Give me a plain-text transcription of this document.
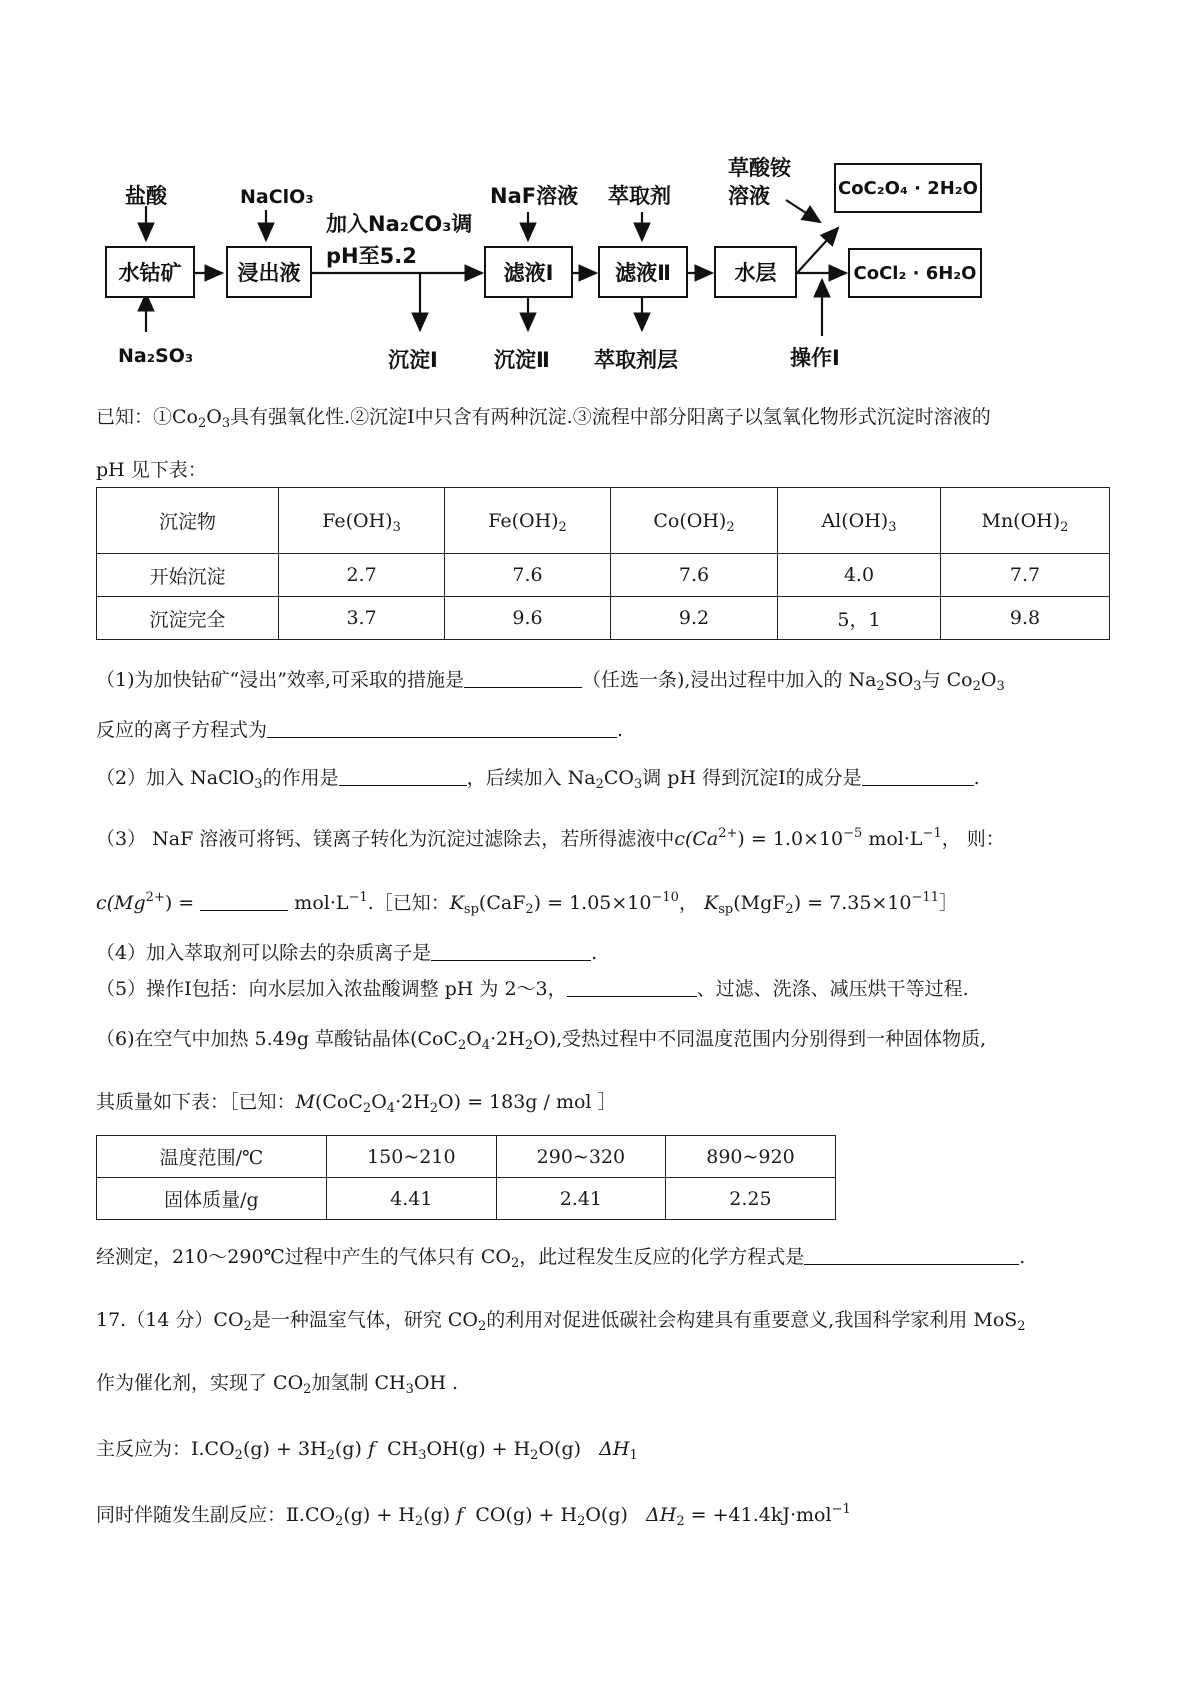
盐酸	NaClO₃
Na₂SO₃
加入Na₂CO₃调
pH至5.2
NaF溶液 萃取剂
草酸铵
溶液
水钴矿	浸出液	滤液Ⅰ	滤液Ⅱ	水层
CoC₂O₄ · 2H₂O
CoCl₂ · 6H₂O
沉淀Ⅰ	沉淀Ⅱ 萃取剂层	操作Ⅰ
已知：$①Co_2O_3$具有强氧化性.②沉淀Ⅰ中只含有两种沉淀.③流程中部分阳离子以氢氧化物形式沉淀时溶液的
pH 见下表：
沉淀物	$Fe(OH)_3$	$Fe(OH)_2$	$Co(OH)_2$	$Al(OH)_3$	$Mn(OH)_2$
开始沉淀	2.7	7.6	7.6	4.0	7.7
沉淀完全	3.7	9.6	9.2	5，1	9.8
（1)为加快钴矿“浸出”效率,可采取的措施是	（任选一条),浸出过程中加入的 $Na_2SO_3$与 $Co_2O_3$
反应的离子方程式为	.
（2）加入 NaClO$_3$的作用是	，后续加入 $Na_2CO_3$调 pH 得到沉淀Ⅰ的成分是	.
（3） NaF 溶液可将钙、镁离子转化为沉淀过滤除去，若所得滤液中$c(Ca^{2+}) = 1.0\times 10^{-5}$ $mol\cdot L^{-1}$， 则：
$c(Mg^{2+})$ =	$mol\cdot L^{-1}.[$已知：$K_{sp}(CaF_2) = 1.05\times 10^{-10}$， $K_{sp}(MgF_2)$ = $7.35\times 10^{-11}]$
（4）加入萃取剂可以除去的杂质离子是	.
（5）操作Ⅰ包括：向水层加入浓盐酸调整 pH 为 2～3，	、过滤、洗涤、减压烘干等过程.
（6)在空气中加热 5.49g 草酸钴晶体$(CoC_2O_4\cdot 2H_2O)$,受热过程中不同温度范围内分别得到一种固体物质,
其质量如下表：［已知：$M(CoC_2O_4\cdot 2H_2O) = 183g$ / mol ］
温度范围/℃	150~210	290~320	890~920
固体质量/g	4.41	2.41	2.25
经测定，210～290℃过程中产生的气体只有 $CO_2$，此过程发生反应的化学方程式是	.
17.（14 分）$CO_2$是一种温室气体，研究 $CO_2$的利用对促进低碳社会构建具有重要意义,我国科学家利用 MoS$_2$
作为催化剂，实现了 $CO_2$加氢制 $CH_3OH$ .
主反应为：$Ⅰ.CO_2(g) + 3H_2(g)$ f $CH_3OH(g) + H_2O(g)$ $\Delta H_1$
同时伴随发生副反应：$Ⅱ.CO_2(g) + H_2(g)$ f $CO(g) + H_2O(g) \Delta H_2 = +41.4kJ\cdot mol^{-1}$
